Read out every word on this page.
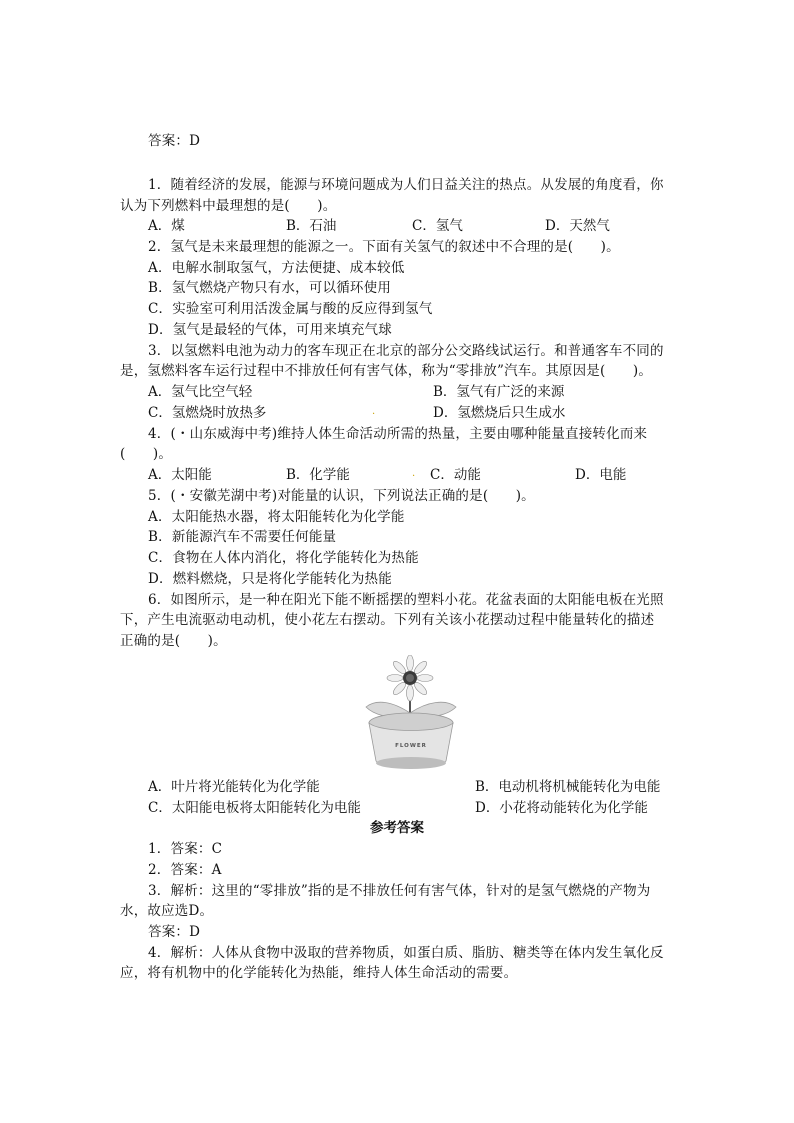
答案：D
1．随着经济的发展，能源与环境问题成为人们日益关注的热点。从发展的角度看，你
认为下列燃料中最理想的是(　　)。
A．煤	B．石油	C．氢气	D．天然气
2．氢气是未来最理想的能源之一。下面有关氢气的叙述中不合理的是(　　)。
A．电解水制取氢气，方法便捷、成本较低
B．氢气燃烧产物只有水，可以循环使用
C．实验室可利用活泼金属与酸的反应得到氢气
D．氢气是最轻的气体，可用来填充气球
3．以氢燃料电池为动力的客车现正在北京的部分公交路线试运行。和普通客车不同的
是，氢燃料客车运行过程中不排放任何有害气体，称为“零排放”汽车。其原因是(　　)。
A．氢气比空气轻	B．氢气有广泛的来源
C．氢燃烧时放热多	.	D．氢燃烧后只生成水
4．(・山东威海中考)维持人体生命活动所需的热量，主要由哪种能量直接转化而来
(　　)。
A．太阳能	B．化学能	. C．动能	D．电能
5．(・安徽芜湖中考)对能量的认识，下列说法正确的是(　　)。
A．太阳能热水器，将太阳能转化为化学能
B．新能源汽车不需要任何能量
C．食物在人体内消化，将化学能转化为热能
D．燃料燃烧，只是将化学能转化为热能
6．如图所示，是一种在阳光下能不断摇摆的塑料小花。花盆表面的太阳能电板在光照
下，产生电流驱动电动机，使小花左右摆动。下列有关该小花摆动过程中能量转化的描述
正确的是(　　)。
FLOWER
A．叶片将光能转化为化学能	B．电动机将机械能转化为电能
C．太阳能电板将太阳能转化为电能	D．小花将动能转化为化学能
参考答案
1．答案：C
2．答案：A
3．解析：这里的“零排放”指的是不排放任何有害气体，针对的是氢气燃烧的产物为
水，故应选D。
答案：D
4．解析：人体从食物中汲取的营养物质，如蛋白质、脂肪、糖类等在体内发生氧化反
应，将有机物中的化学能转化为热能，维持人体生命活动的需要。
